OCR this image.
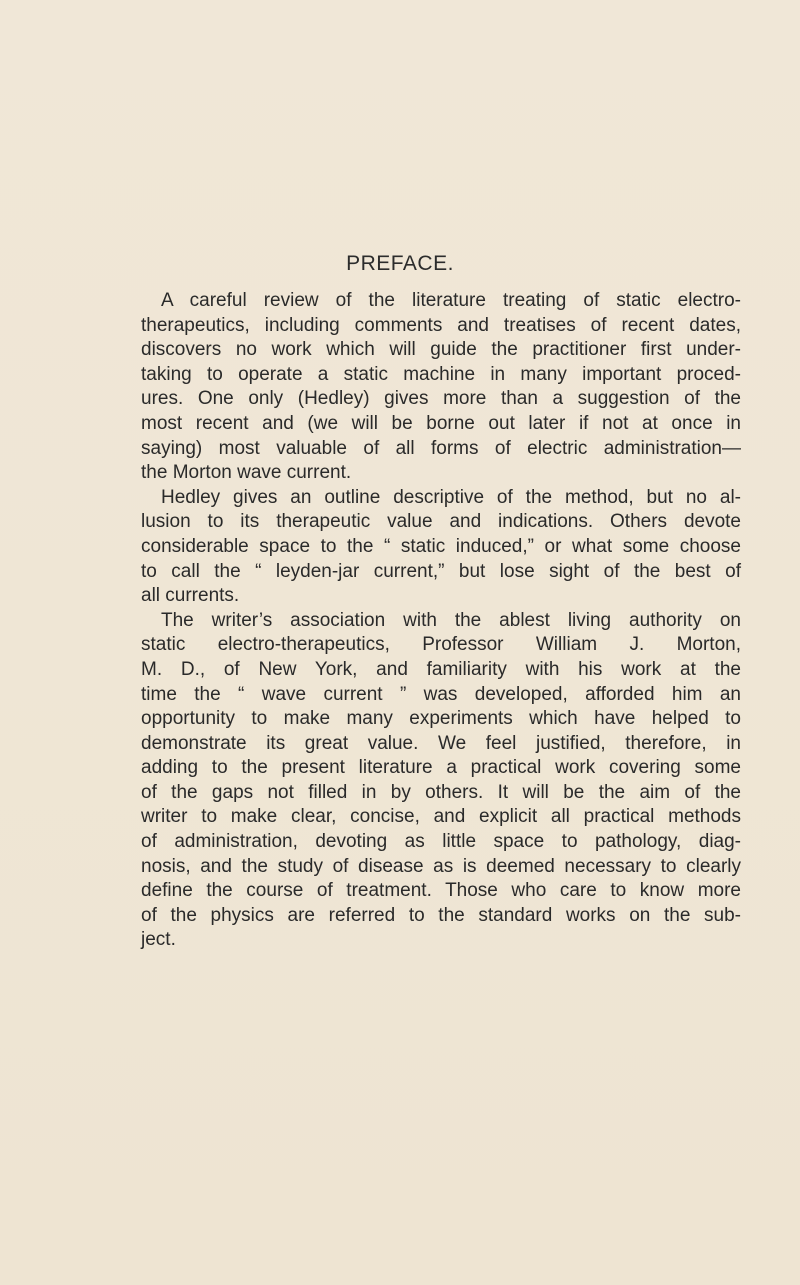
PREFACE.
A careful review of the literature treating of static electro-
therapeutics, including comments and treatises of recent dates,
discovers no work which will guide the practitioner first under-
taking to operate a static machine in many important proced-
ures. One only (Hedley) gives more than a suggestion of the
most recent and (we will be borne out later if not at once in
saying) most valuable of all forms of electric administration—
the Morton wave current.
Hedley gives an outline descriptive of the method, but no al-
lusion to its therapeutic value and indications. Others devote
considerable space to the “ static induced,” or what some choose
to call the “ leyden-jar current,” but lose sight of the best of
all currents.
The writer’s association with the ablest living authority on
static electro-therapeutics, Professor William J. Morton,
M. D., of New York, and familiarity with his work at the
time the “ wave current ” was developed, afforded him an
opportunity to make many experiments which have helped to
demonstrate its great value. We feel justified, therefore, in
adding to the present literature a practical work covering some
of the gaps not filled in by others. It will be the aim of the
writer to make clear, concise, and explicit all practical methods
of administration, devoting as little space to pathology, diag-
nosis, and the study of disease as is deemed necessary to clearly
define the course of treatment. Those who care to know more
of the physics are referred to the standard works on the sub-
ject.
